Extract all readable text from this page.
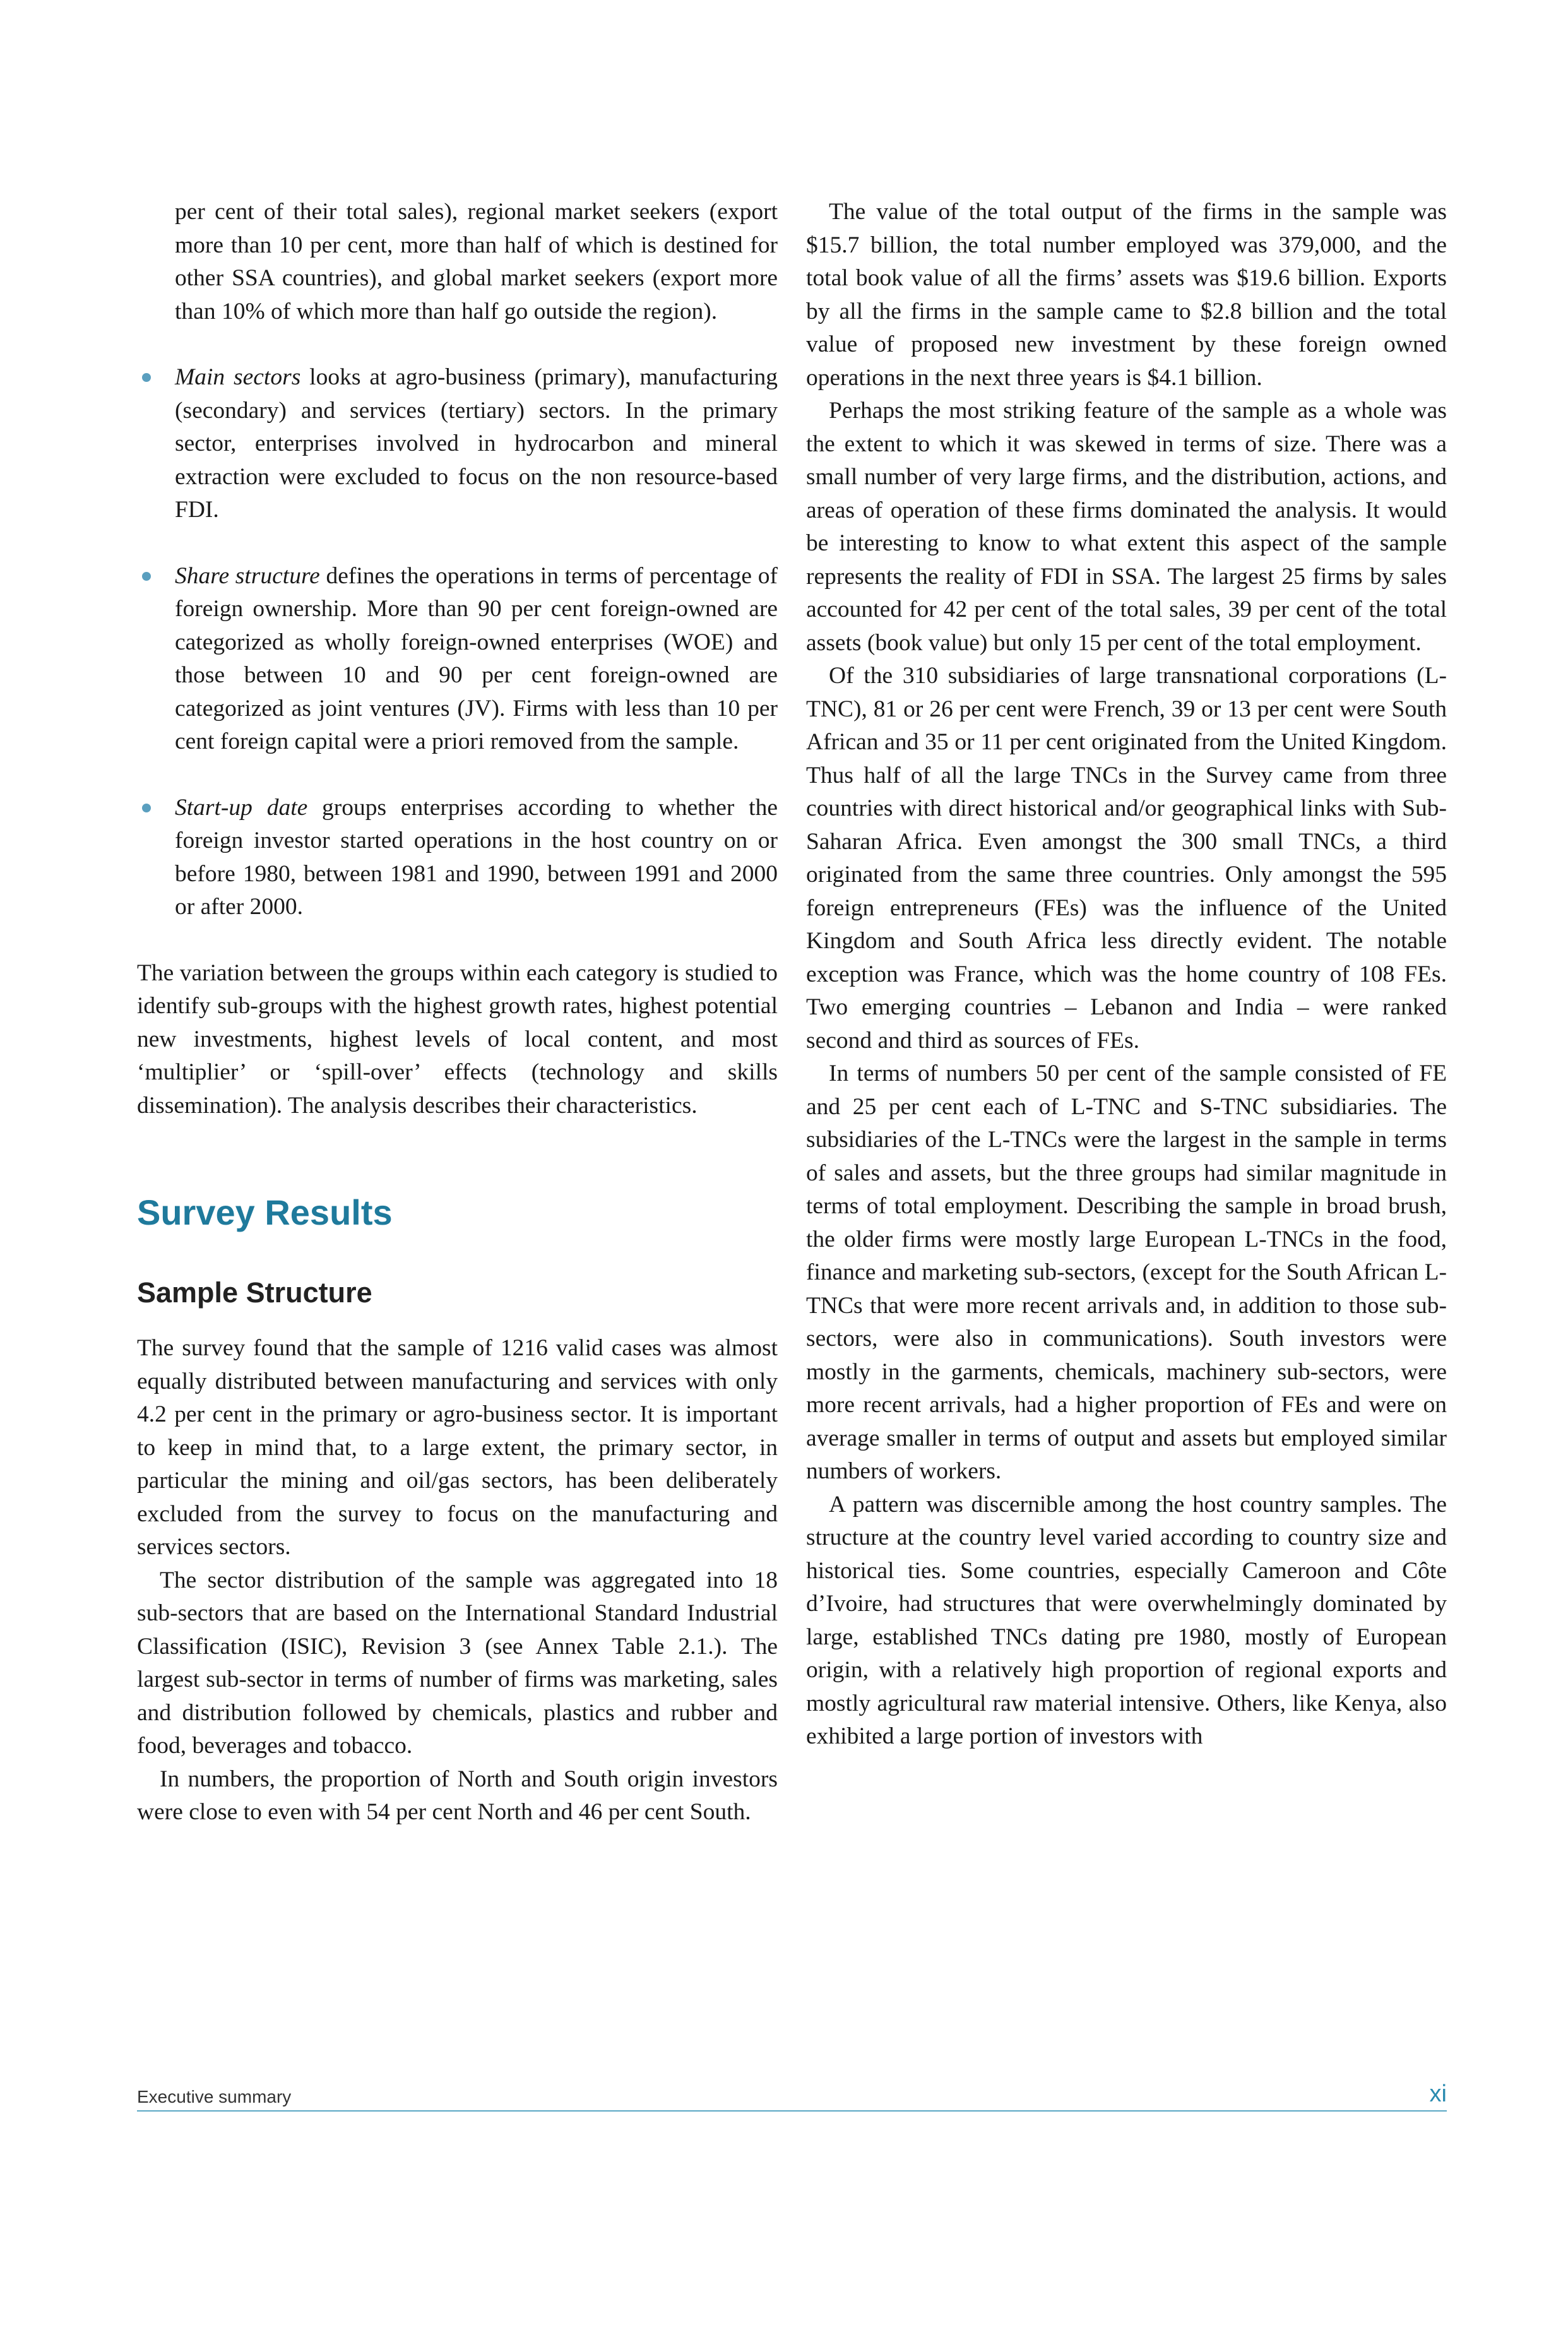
per cent of their total sales), regional market seekers (export more than 10 per cent, more than half of which is destined for other SSA countries), and global market seekers (export more than 10% of which more than half go outside the region).

Main sectors looks at agro-business (primary), manufacturing (secondary) and services (tertiary) sectors. In the primary sector, enterprises involved in hydrocarbon and mineral extraction were excluded to focus on the non resource-based FDI.
Share structure defines the operations in terms of percentage of foreign ownership. More than 90 per cent foreign-owned are categorized as wholly foreign-owned enterprises (WOE) and those between 10 and 90 per cent foreign-owned are categorized as joint ventures (JV). Firms with less than 10 per cent foreign capital were a priori removed from the sample.
Start-up date groups enterprises according to whether the foreign investor started operations in the host country on or before 1980, between 1981 and 1990, between 1991 and 2000 or after 2000.

The variation between the groups within each category is studied to identify sub-groups with the highest growth rates, highest potential new investments, highest levels of local content, and most ‘multiplier’ or ‘spill-over’ effects (technology and skills dissemination). The analysis describes their characteristics.

Survey Results
Sample Structure

The survey found that the sample of 1216 valid cases was almost equally distributed between manufacturing and services with only 4.2 per cent in the primary or agro-business sector. It is important to keep in mind that, to a large extent, the primary sector, in particular the mining and oil/gas sectors, has been deliberately excluded from the survey to focus on the manufacturing and services sectors.

The sector distribution of the sample was aggregated into 18 sub-sectors that are based on the International Standard Industrial Classification (ISIC), Revision 3 (see Annex Table 2.1.). The largest sub-sector in terms of number of firms was marketing, sales and distribution followed by chemicals, plastics and rubber and food, beverages and tobacco.

In numbers, the proportion of North and South origin investors were close to even with 54 per cent North and 46 per cent South.

The value of the total output of the firms in the sample was $15.7 billion, the total number employed was 379,000, and the total book value of all the firms’ assets was $19.6 billion. Exports by all the firms in the sample came to $2.8 billion and the total value of proposed new investment by these foreign owned operations in the next three years is $4.1 billion.

Perhaps the most striking feature of the sample as a whole was the extent to which it was skewed in terms of size. There was a small number of very large firms, and the distribution, actions, and areas of operation of these firms dominated the analysis. It would be interesting to know to what extent this aspect of the sample represents the reality of FDI in SSA. The largest 25 firms by sales accounted for 42 per cent of the total sales, 39 per cent of the total assets (book value) but only 15 per cent of the total employment.

Of the 310 subsidiaries of large transnational corporations (L-TNC), 81 or 26 per cent were French, 39 or 13 per cent were South African and 35 or 11 per cent originated from the United Kingdom. Thus half of all the large TNCs in the Survey came from three countries with direct historical and/or geographical links with Sub-Saharan Africa. Even amongst the 300 small TNCs, a third originated from the same three countries. Only amongst the 595 foreign entrepreneurs (FEs) was the influence of the United Kingdom and South Africa less directly evident. The notable exception was France, which was the home country of 108 FEs. Two emerging countries – Lebanon and India – were ranked second and third as sources of FEs.

In terms of numbers 50 per cent of the sample consisted of FE and 25 per cent each of L-TNC and S-TNC subsidiaries. The subsidiaries of the L-TNCs were the largest in the sample in terms of sales and assets, but the three groups had similar magnitude in terms of total employment. Describing the sample in broad brush, the older firms were mostly large European L-TNCs in the food, finance and marketing sub-sectors, (except for the South African L-TNCs that were more recent arrivals and, in addition to those sub-sectors, were also in communications). South investors were mostly in the garments, chemicals, machinery sub-sectors, were more recent arrivals, had a higher proportion of FEs and were on average smaller in terms of output and assets but employed similar numbers of workers.

A pattern was discernible among the host country samples. The structure at the country level varied according to country size and historical ties. Some countries, especially Cameroon and Côte d’Ivoire, had structures that were overwhelmingly dominated by large, established TNCs dating pre 1980, mostly of European origin, with a relatively high proportion of regional exports and mostly agricultural raw material intensive. Others, like Kenya, also exhibited a large portion of investors with

Executive summary	xi
